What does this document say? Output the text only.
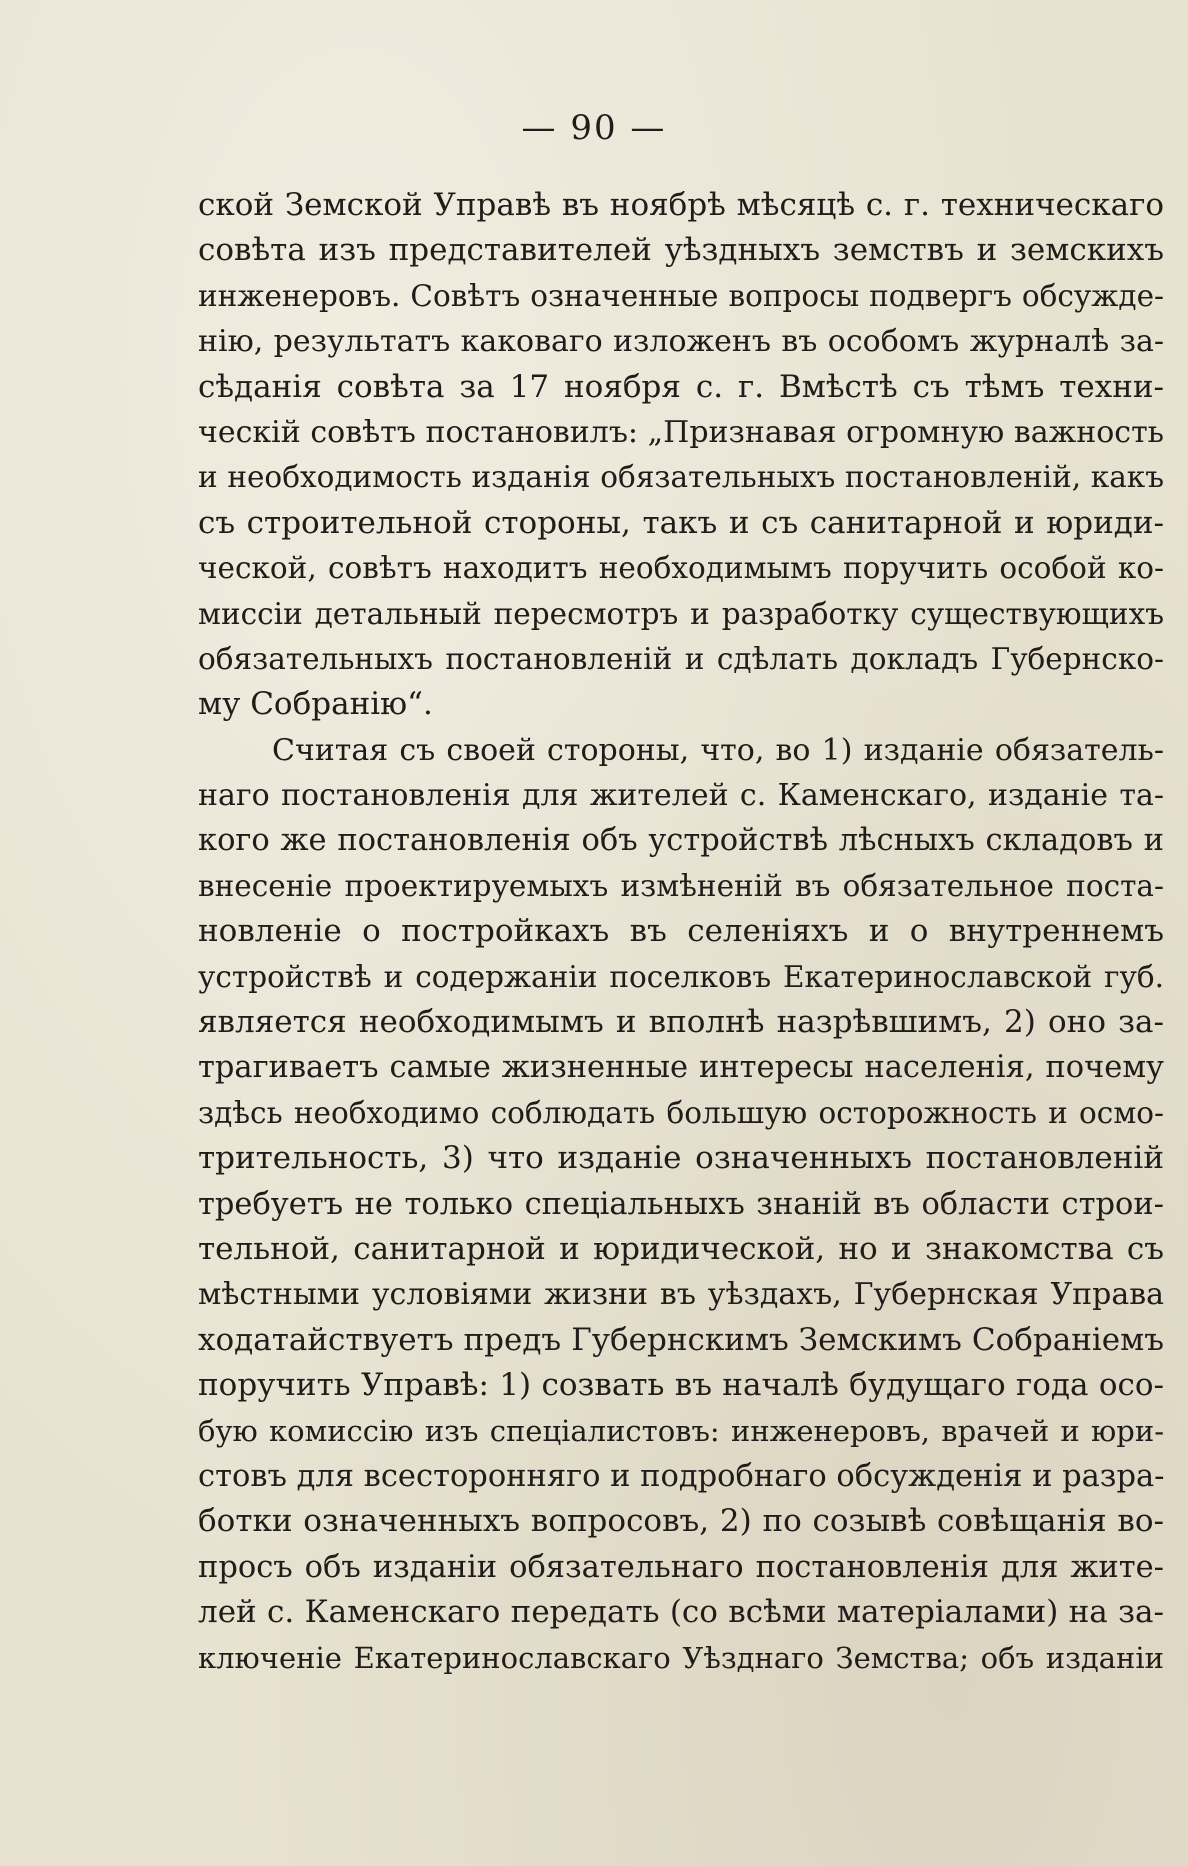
— 90 —
ской Земской Управѣ въ ноябрѣ мѣсяцѣ с. г. техническаго
совѣта изъ представителей уѣздныхъ земствъ и земскихъ
инженеровъ. Совѣтъ означенные вопросы подвергъ обсужде-
нію, результатъ каковаго изложенъ въ особомъ журналѣ за-
сѣданія совѣта за 17 ноября с. г. Вмѣстѣ съ тѣмъ техни-
ческій совѣтъ постановилъ: „Признавая огромную важность
и необходимость изданія обязательныхъ постановленій, какъ
съ строительной стороны, такъ и съ санитарной и юриди-
ческой, совѣтъ находитъ необходимымъ поручить особой ко-
миссіи детальный пересмотръ и разработку существующихъ
обязательныхъ постановленій и сдѣлать докладъ Губернско-
му Собранію“.
Считая съ своей стороны, что, во 1) изданіе обязатель-
наго постановленія для жителей с. Каменскаго, изданіе та-
кого же постановленія объ устройствѣ лѣсныхъ складовъ и
внесеніе проектируемыхъ измѣненій въ обязательное поста-
новленіе о постройкахъ въ селеніяхъ и о внутреннемъ
устройствѣ и содержаніи поселковъ Екатеринославской губ.
является необходимымъ и вполнѣ назрѣвшимъ, 2) оно за-
трагиваетъ самые жизненные интересы населенія, почему
здѣсь необходимо соблюдать большую осторожность и осмо-
трительность, 3) что изданіе означенныхъ постановленій
требуетъ не только спеціальныхъ знаній въ области строи-
тельной, санитарной и юридической, но и знакомства съ
мѣстными условіями жизни въ уѣздахъ, Губернская Управа
ходатайствуетъ предъ Губернскимъ Земскимъ Собраніемъ
поручить Управѣ: 1) созвать въ началѣ будущаго года осо-
бую комиссію изъ спеціалистовъ: инженеровъ, врачей и юри-
стовъ для всесторонняго и подробнаго обсужденія и разра-
ботки означенныхъ вопросовъ, 2) по созывѣ совѣщанія во-
просъ объ изданіи обязательнаго постановленія для жите-
лей с. Каменскаго передать (со всѣми матеріалами) на за-
ключеніе Екатеринославскаго Уѣзднаго Земства; объ изданіи
